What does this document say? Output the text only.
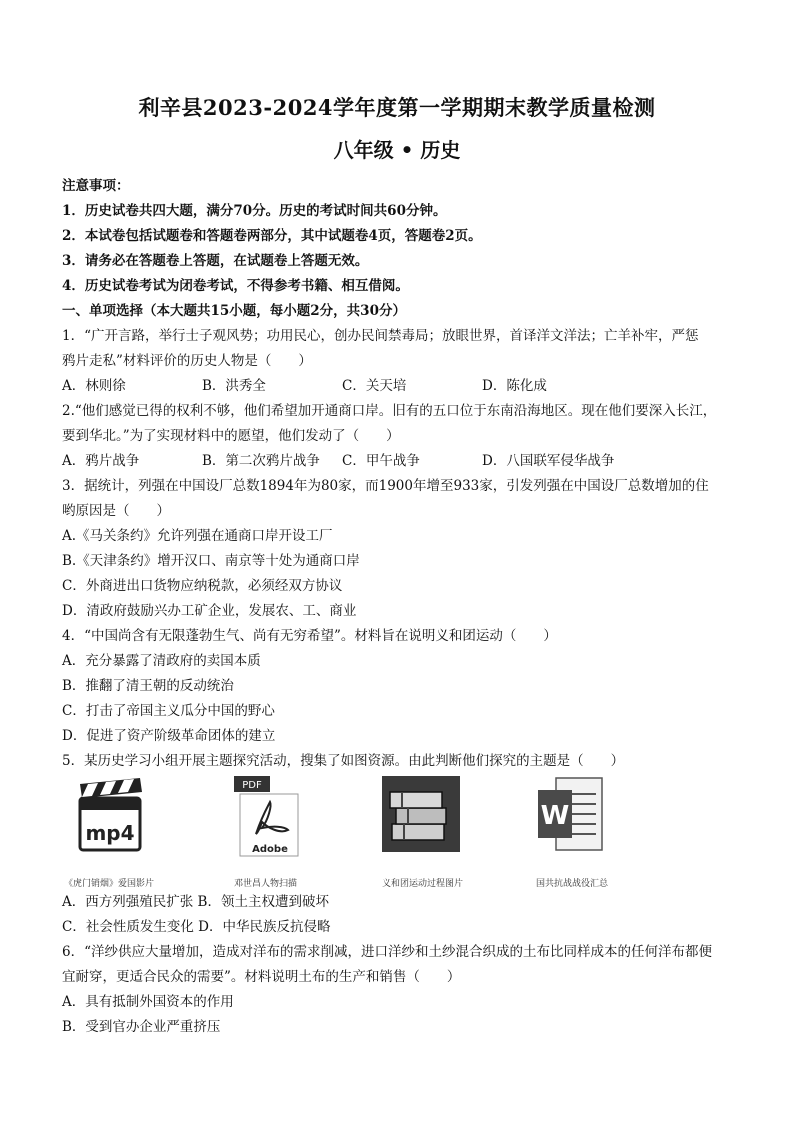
利辛县2023-2024学年度第一学期期末教学质量检测
八年级 • 历史
注意事项：
1．历史试卷共四大题，满分70分。历史的考试时间共60分钟。
2．本试卷包括试题卷和答题卷两部分，其中试题卷4页，答题卷2页。
3．请务必在答题卷上答题，在试题卷上答题无效。
4．历史试卷考试为闭卷考试，不得参考书籍、相互借阅。
一、单项选择（本大题共15小题，每小题2分，共30分）
1．“广开言路，举行士子观风势；功用民心，创办民间禁毒局；放眼世界，首译洋文洋法；亡羊补牢，严惩
鸦片走私”材料评价的历史人物是（　　）
A．林则徐	B．洪秀全	C．关天培	D．陈化成
2.“他们感觉已得的权利不够，他们希望加开通商口岸。旧有的五口位于东南沿海地区。现在他们要深入长江，
要到华北。”为了实现材料中的愿望，他们发动了（　　）
A．鸦片战争	B．第二次鸦片战争	C．甲午战争	D．八国联军侵华战争
3．据统计，列强在中国设厂总数1894年为80家，而1900年增至933家，引发列强在中国设厂总数增加的住
哟原因是（　　）
A.《马关条约》允许列强在通商口岸开设工厂
B.《天津条约》增开汉口、南京等十处为通商口岸
C．外商进出口货物应纳税款，必须经双方协议
D．清政府鼓励兴办工矿企业，发展农、工、商业
4．“中国尚含有无限蓬勃生气、尚有无穷希望”。材料旨在说明义和团运动（　　）
A．充分暴露了清政府的卖国本质
B．推翻了清王朝的反动统治
C．打击了帝国主义瓜分中国的野心
D．促进了资产阶级革命团体的建立
5．某历史学习小组开展主题探究活动，搜集了如图资源。由此判断他们探究的主题是（　　）
mp4
《虎门销烟》爱国影片
PDF
Adobe
邓世昌人物扫描	义和团运动过程图片
W
国共抗战战役汇总
A．西方列强殖民扩张 B．领土主权遭到破坏
C．社会性质发生变化 D．中华民族反抗侵略
6．“洋纱供应大量增加，造成对洋布的需求削减，进口洋纱和土纱混合织成的土布比同样成本的任何洋布都便
宜耐穿，更适合民众的需要”。材料说明土布的生产和销售（　　）
A．具有抵制外国资本的作用
B．受到官办企业严重挤压
